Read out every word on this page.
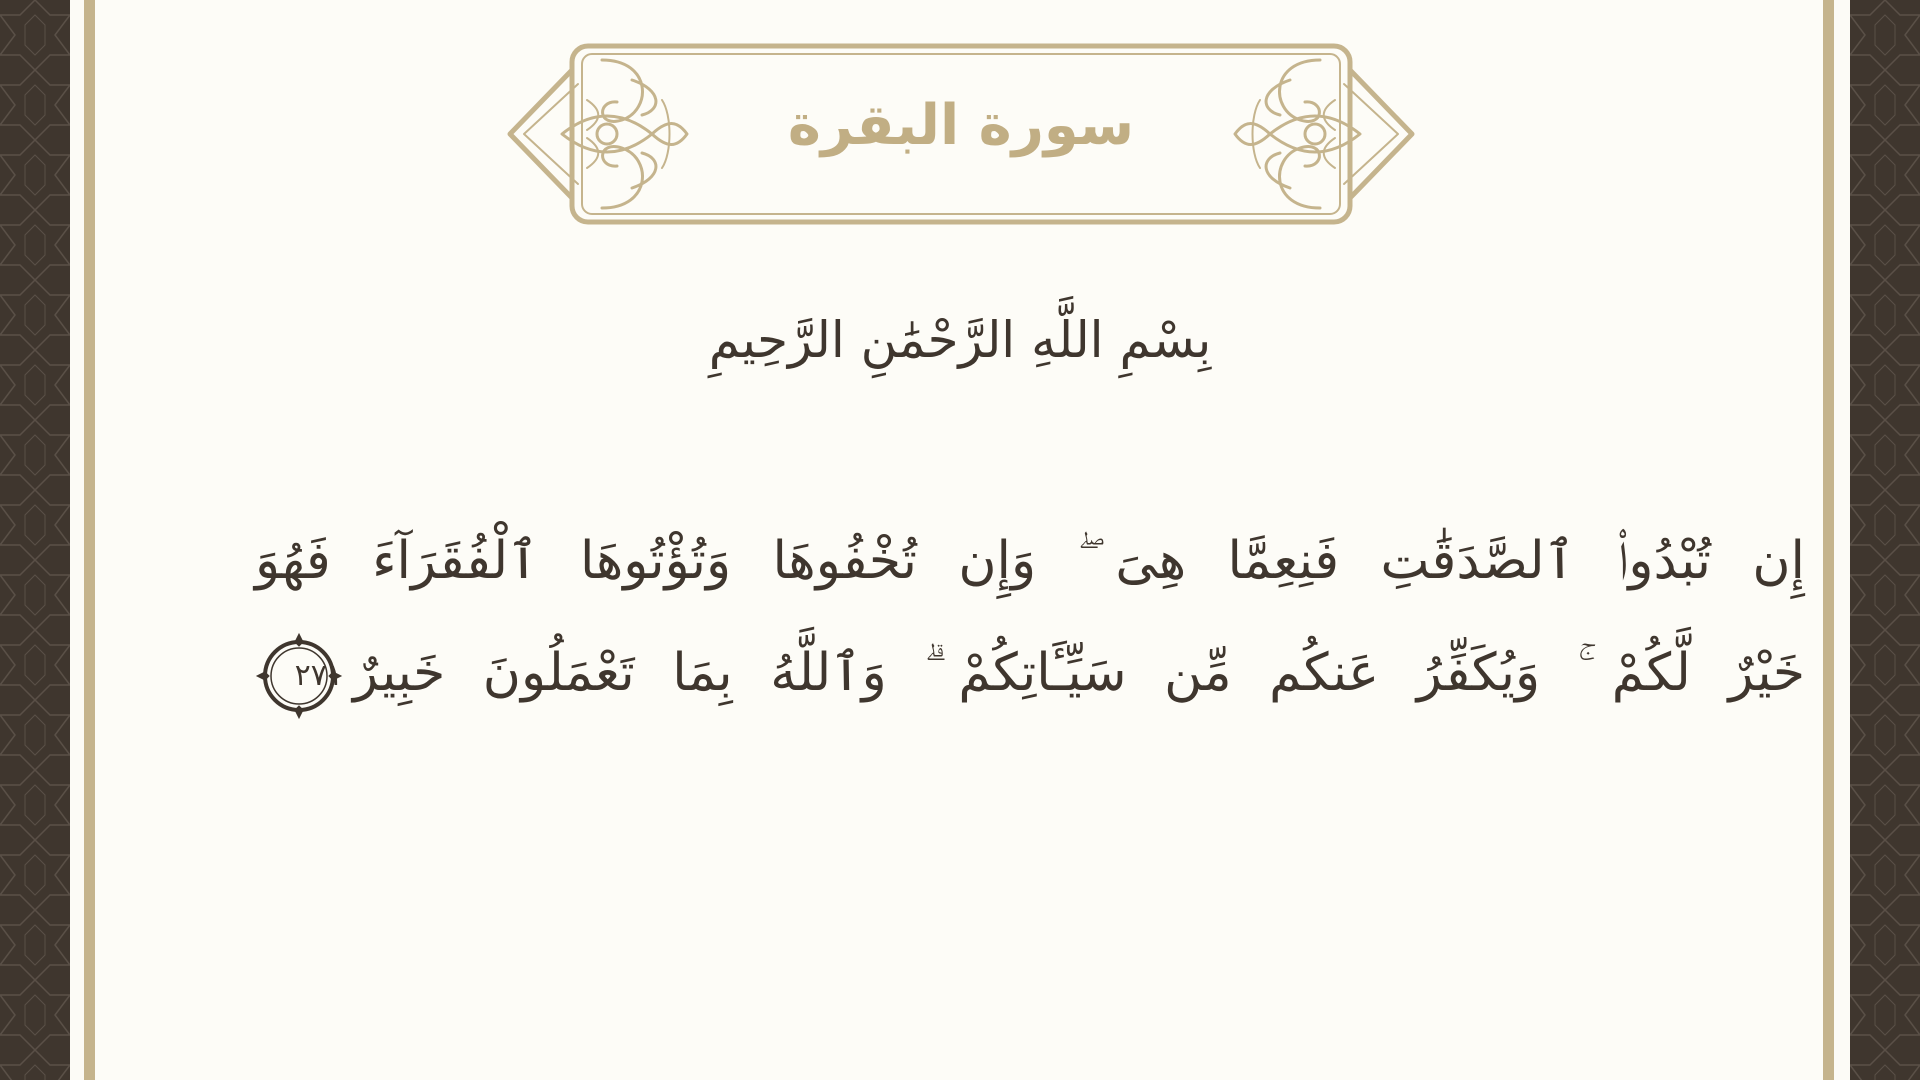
سورة البقرة
بِسْمِ اللَّهِ الرَّحْمَٰنِ الرَّحِيمِ
إِن تُبْدُوا۟ ٱلصَّدَقَٰتِ فَنِعِمَّا هِىَ ۖ وَإِن تُخْفُوهَا وَتُؤْتُوهَا ٱلْفُقَرَآءَ فَهُوَ
خَيْرٌ لَّكُمْ ۚ وَيُكَفِّرُ عَنكُم مِّن سَيِّـَٔاتِكُمْ ۗ وَٱللَّهُ بِمَا تَعْمَلُونَ خَبِيرٌ
٢٧١
